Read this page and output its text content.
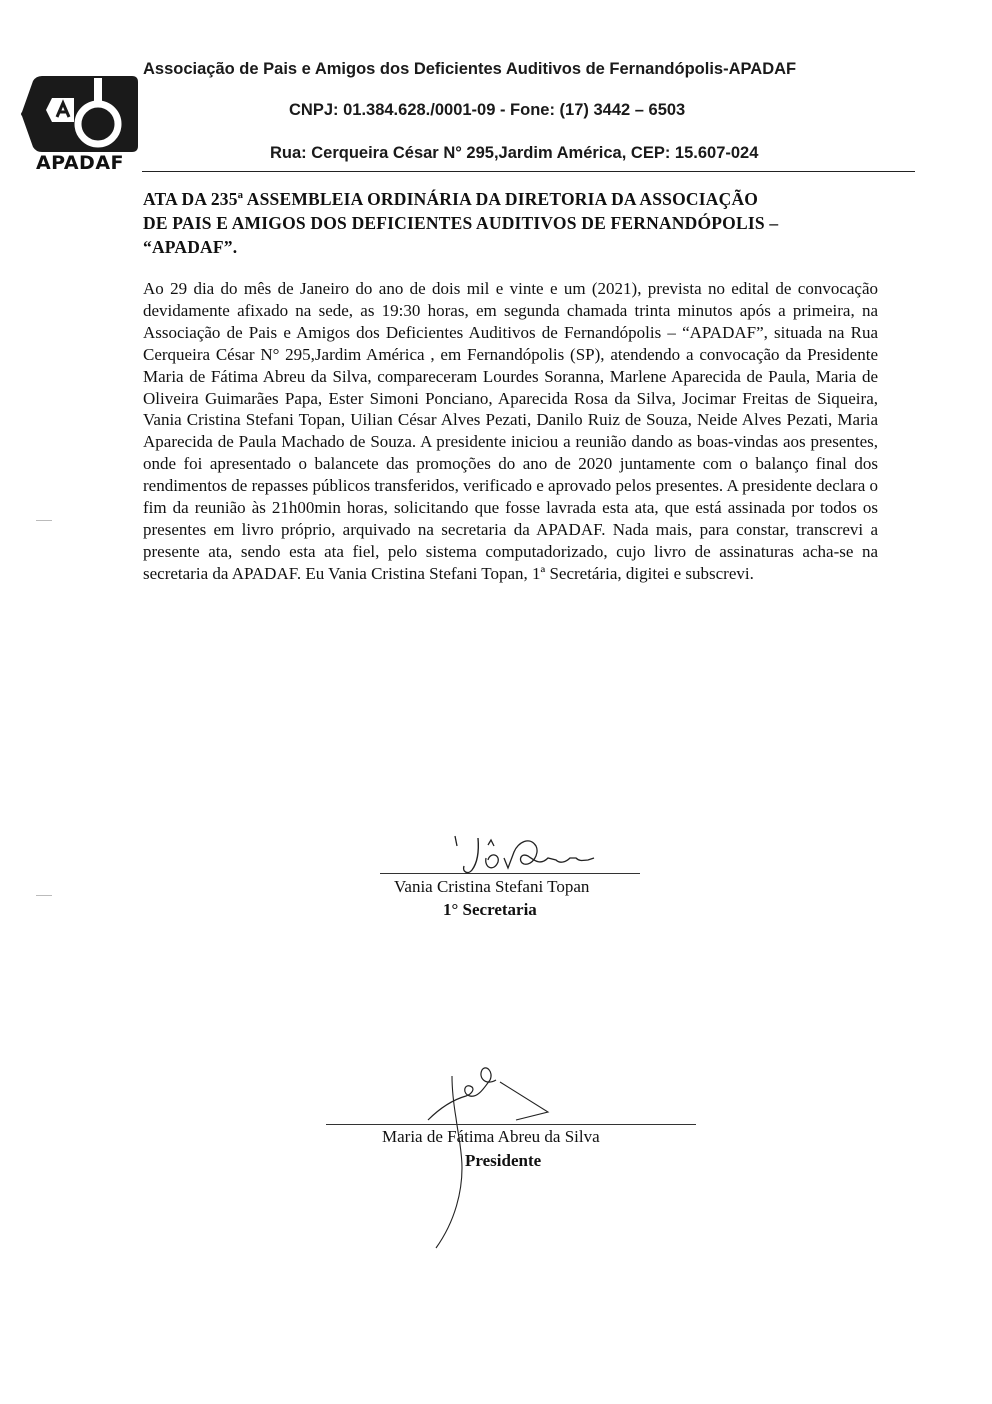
APADAF
Associação de Pais e Amigos dos Deficientes Auditivos de Fernandópolis-APADAF
CNPJ: 01.384.628./0001-09 - Fone: (17) 3442 – 6503
Rua: Cerqueira César N° 295,Jardim América, CEP: 15.607-024
ATA DA 235ª ASSEMBLEIA ORDINÁRIA DA DIRETORIA DA ASSOCIAÇÃO
DE PAIS E AMIGOS DOS DEFICIENTES AUDITIVOS DE FERNANDÓPOLIS –
“APADAF”.

Ao 29 dia do mês de Janeiro do ano de dois mil e vinte e um (2021), prevista no edital de convocação devidamente afixado na sede, as 19:30 horas, em segunda chamada trinta minutos após a primeira, na Associação de Pais e Amigos dos Deficientes Auditivos de Fernandópolis – “APADAF”, situada na Rua Cerqueira César N° 295,Jardim América , em Fernandópolis (SP), atendendo a convocação da Presidente Maria de Fátima Abreu da Silva, compareceram Lourdes Soranna, Marlene Aparecida de Paula, Maria de Oliveira Guimarães Papa, Ester Simoni Ponciano, Aparecida Rosa da Silva, Jocimar Freitas de Siqueira, Vania Cristina Stefani Topan, Uilian César Alves Pezati, Danilo Ruiz de Souza, Neide Alves Pezati, Maria Aparecida de Paula Machado de Souza. A presidente iniciou a reunião dando as boas-vindas aos presentes, onde foi apresentado o balancete das promoções do ano de 2020 juntamente com o balanço final dos rendimentos de repasses públicos transferidos, verificado e aprovado pelos presentes. A presidente declara o fim da reunião às 21h00min horas, solicitando que fosse lavrada esta ata, que está assinada por todos os presentes em livro próprio, arquivado na secretaria da APADAF. Nada mais, para constar, transcrevi a presente ata, sendo esta ata fiel, pelo sistema computadorizado, cujo livro de assinaturas acha-se na secretaria da APADAF. Eu Vania Cristina Stefani Topan, 1ª Secretária, digitei e subscrevi.

Vania Cristina Stefani Topan
1° Secretaria
Maria de Fátima Abreu da Silva
Presidente
